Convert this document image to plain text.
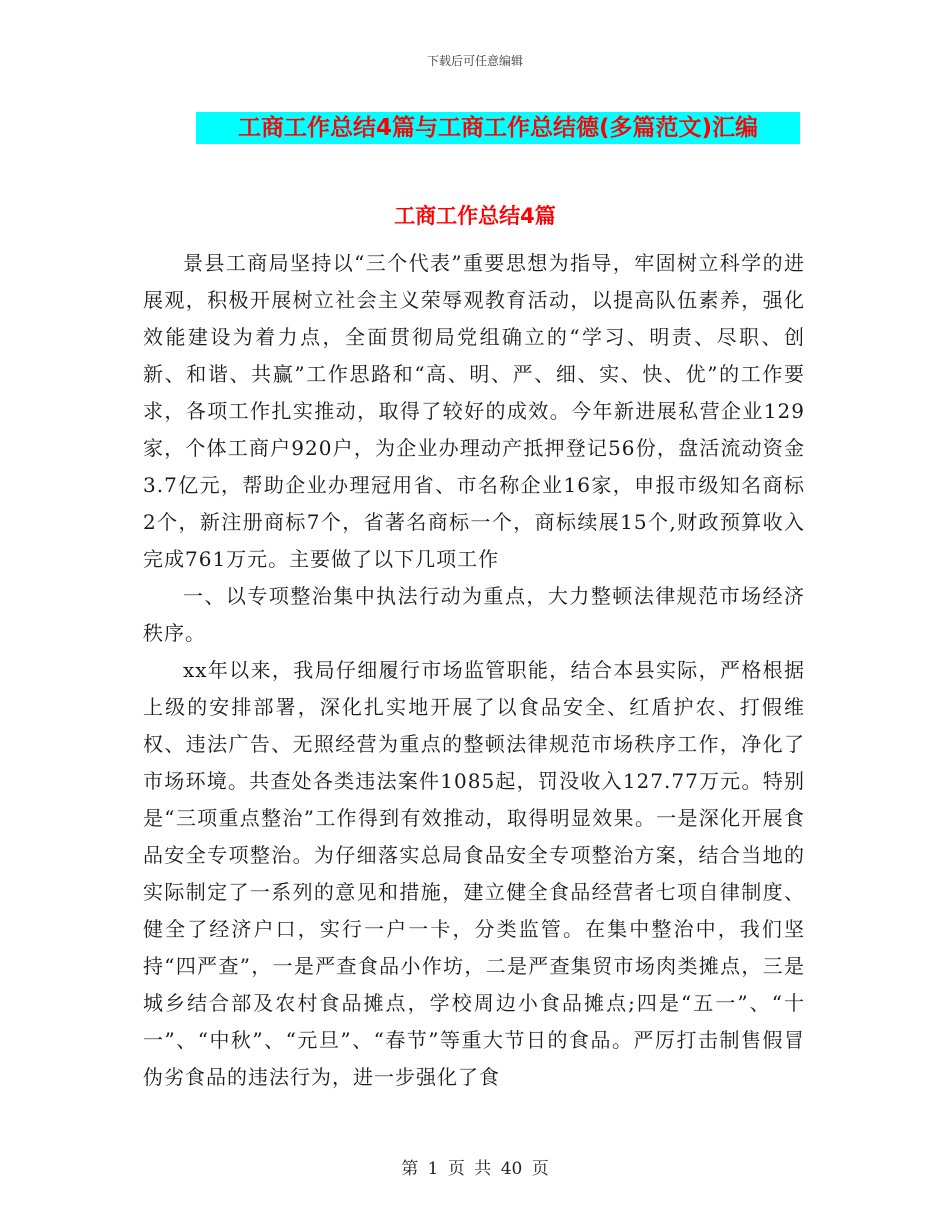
下载后可任意编辑
工商工作总结4篇与工商工作总结德(多篇范文)汇编
工商工作总结4篇

景县工商局坚持以“三个代表”重要思想为指导，牢固树立科学的进展观，积极开展树立社会主义荣辱观教育活动，以提高队伍素养，强化效能建设为着力点，全面贯彻局党组确立的“学习、明责、尽职、创新、和谐、共赢”工作思路和“高、明、严、细、实、快、优”的工作要求，各项工作扎实推动，取得了较好的成效。今年新进展私营企业129家，个体工商户920户，为企业办理动产抵押登记56份，盘活流动资金3.7亿元，帮助企业办理冠用省、市名称企业16家，申报市级知名商标2个，新注册商标7个，省著名商标一个，商标续展15个,财政预算收入完成761万元。主要做了以下几项工作

一、以专项整治集中执法行动为重点，大力整顿法律规范市场经济秩序。

xx年以来，我局仔细履行市场监管职能，结合本县实际，严格根据上级的安排部署，深化扎实地开展了以食品安全、红盾护农、打假维权、违法广告、无照经营为重点的整顿法律规范市场秩序工作，净化了市场环境。共查处各类违法案件1085起，罚没收入127.77万元。特别是“三项重点整治”工作得到有效推动，取得明显效果。一是深化开展食品安全专项整治。为仔细落实总局食品安全专项整治方案，结合当地的实际制定了一系列的意见和措施，建立健全食品经营者七项自律制度、健全了经济户口，实行一户一卡，分类监管。在集中整治中，我们坚持“四严查”，一是严查食品小作坊，二是严查集贸市场肉类摊点，三是城乡结合部及农村食品摊点，学校周边小食品摊点;四是“五一”、“十一”、“中秋”、“元旦”、“春节”等重大节日的食品。严厉打击制售假冒伪劣食品的违法行为，进一步强化了食

第 1 页 共 40 页
